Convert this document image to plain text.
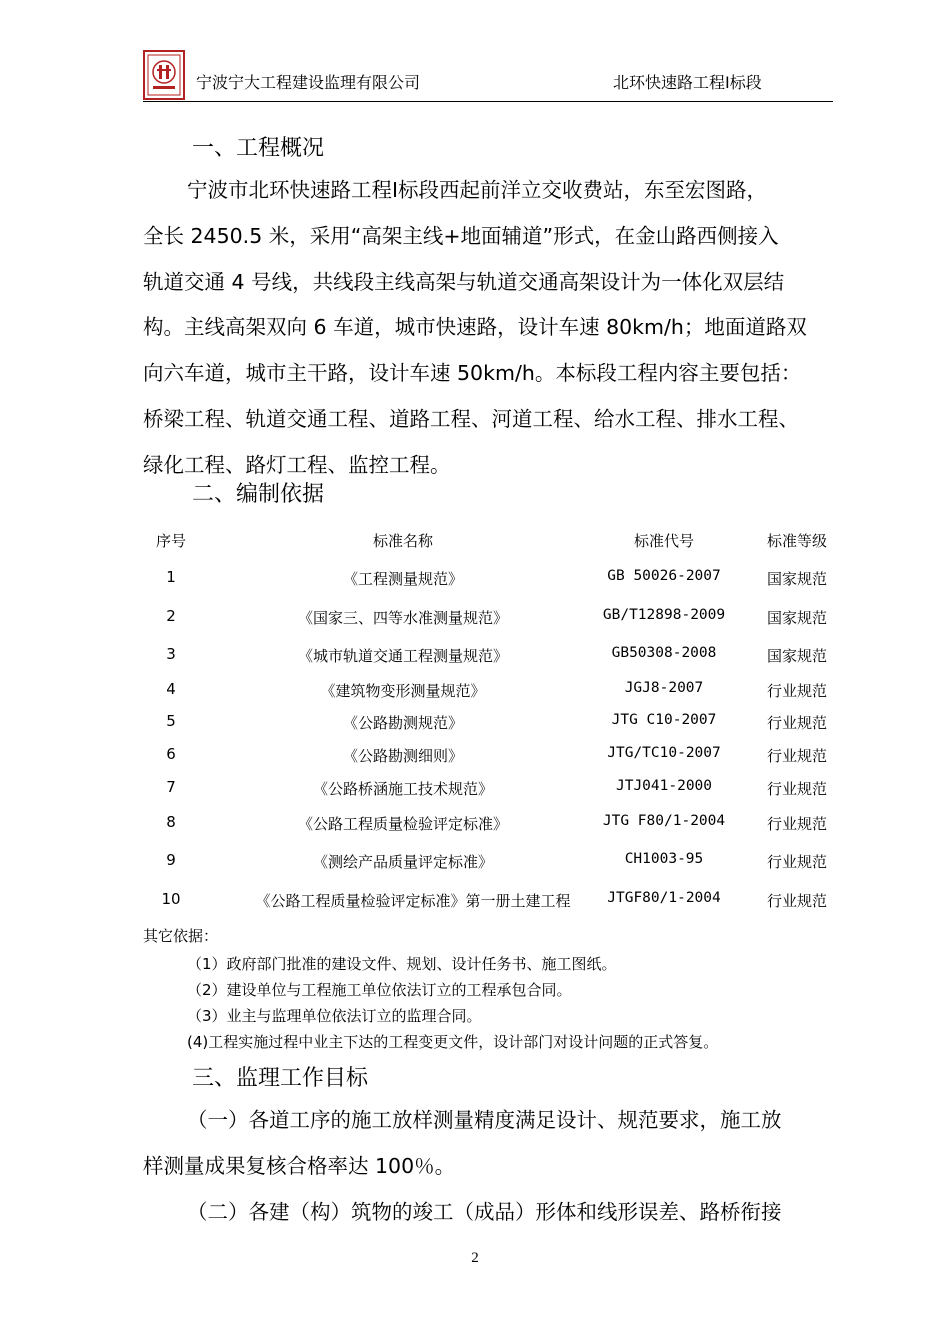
宁波宁大工程建设监理有限公司	北环快速路工程Ⅰ标段
一、工程概况
宁波市北环快速路工程Ⅰ标段西起前洋立交收费站，东至宏图路，
全长 2450.5 米，采用“高架主线+地面辅道”形式，在金山路西侧接入
轨道交通 4 号线，共线段主线高架与轨道交通高架设计为一体化双层结
构。主线高架双向 6 车道，城市快速路，设计车速 80km/h；地面道路双
向六车道，城市主干路，设计车速 50km/h。本标段工程内容主要包括：
桥梁工程、轨道交通工程、道路工程、河道工程、给水工程、排水工程、
绿化工程、路灯工程、监控工程。
二、编制依据
序号	标准名称	标准代号	标准等级
1	《工程测量规范》	GB 50026-2007	国家规范
2	《国家三、四等水准测量规范》	GB/T12898-2009	国家规范
3	《城市轨道交通工程测量规范》	GB50308-2008	国家规范
4	《建筑物变形测量规范》	JGJ8-2007	行业规范
5	《公路勘测规范》	JTG C10-2007	行业规范
6	《公路勘测细则》	JTG/TC10-2007	行业规范
7	《公路桥涵施工技术规范》	JTJ041-2000	行业规范
8	《公路工程质量检验评定标准》	JTG F80/1-2004	行业规范
9	《测绘产品质量评定标准》	CH1003-95	行业规范
10	《公路工程质量检验评定标准》第一册土建工程	JTGF80/1-2004	行业规范
其它依据：
（1）政府部门批准的建设文件、规划、设计任务书、施工图纸。
（2）建设单位与工程施工单位依法订立的工程承包合同。
（3）业主与监理单位依法订立的监理合同。
(4)工程实施过程中业主下达的工程变更文件，设计部门对设计问题的正式答复。
三、监理工作目标
（一）各道工序的施工放样测量精度满足设计、规范要求，施工放
样测量成果复核合格率达 100％。
（二）各建（构）筑物的竣工（成品）形体和线形误差、路桥衔接
2
